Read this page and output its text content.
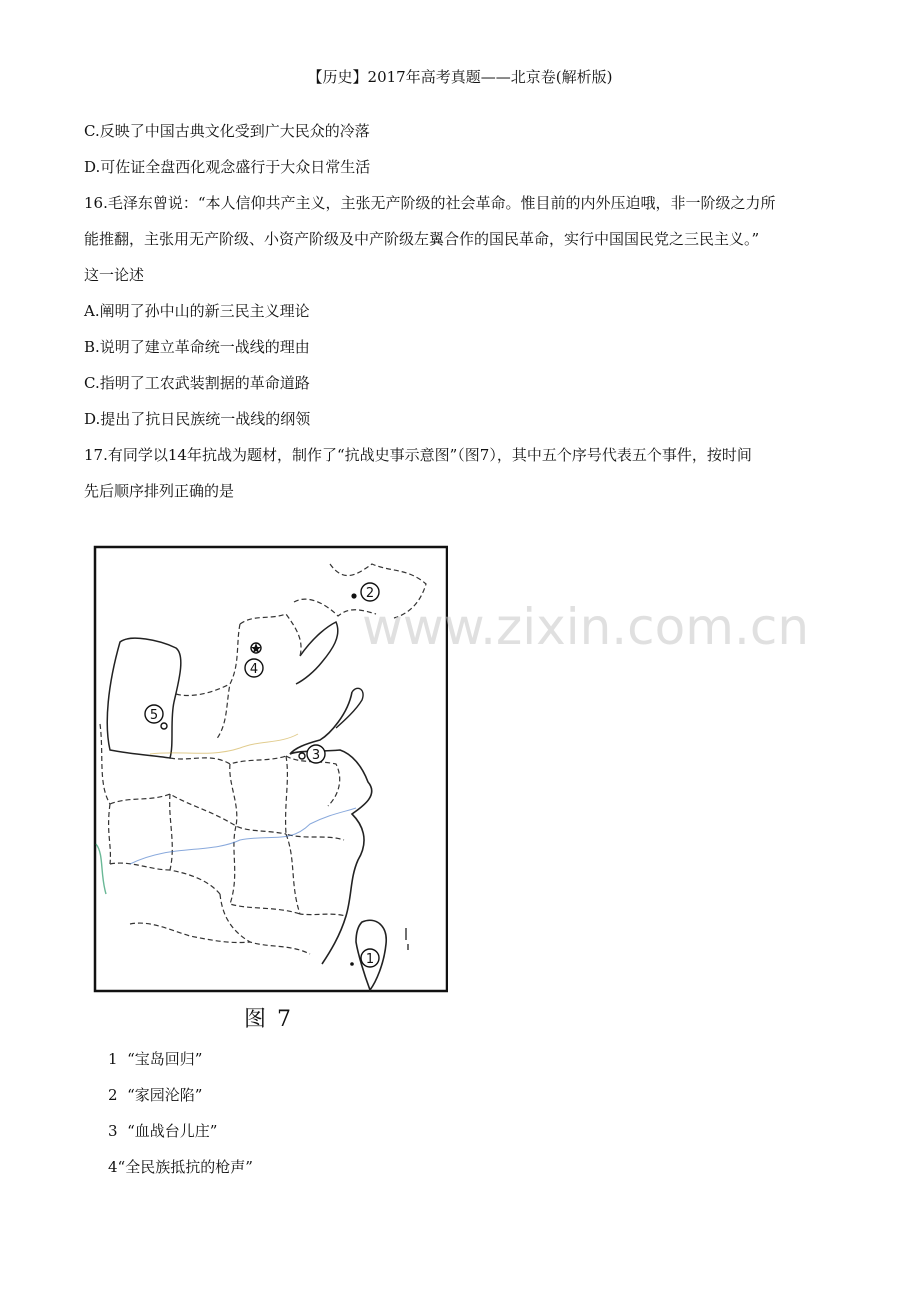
【历史】2017年高考真题——北京卷(解析版)
C.反映了中国古典文化受到广大民众的冷落
D.可佐证全盘西化观念盛行于大众日常生活
16.毛泽东曾说：“本人信仰共产主义，主张无产阶级的社会革命。惟目前的内外压迫哦，非一阶级之力所
能推翻，主张用无产阶级、小资产阶级及中产阶级左翼合作的国民革命，实行中国国民党之三民主义。”
这一论述
A.阐明了孙中山的新三民主义理论
B.说明了建立革命统一战线的理由
C.指明了工农武装割据的革命道路
D.提出了抗日民族统一战线的纲领
17.有同学以14年抗战为题材，制作了“抗战史事示意图”（图7），其中五个序号代表五个事件，按时间
先后顺序排列正确的是
2
4
5
3
1
www.zixin.com.cn
图 7
1 “宝岛回归”
2 “家园沦陷”
3 “血战台儿庄”
4“全民族抵抗的枪声”
